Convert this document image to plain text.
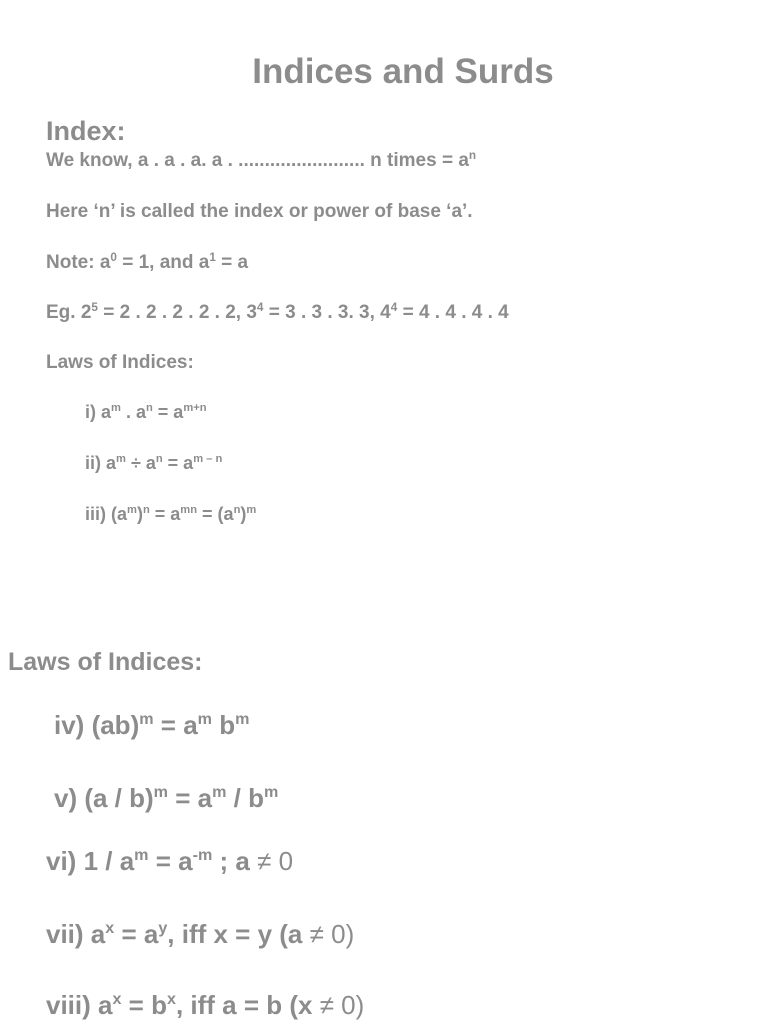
Indices and Surds
Index:

We know, a . a . a. a . ........................ n times = $a^n$

Here ‘n’ is called the index or power of base ‘a’.

Note: $a^0 = 1$, and $a^1 = a$

Eg. $2^5 = 2$ . 2 . 2 . 2 . 2, $3^4 = 3$ . 3 . 3. 3, $4^4 = 4$ . 4 . 4 . 4

Laws of Indices:

i) $a^m$ . $a^n = a^{m+n}$

ii) $a^m \div a^n = a^{m - n}$

iii) $(a^m)^n = a^{mn} = (a^n)^m$

Laws of Indices:

iv) $(ab)^m = a^m$ $b^m$

v) $(a / b)^m = a^m / b^m$

vi) $1 / a^m = a^{-m}$ ; a ≠ 0

vii) $a^x = a^y$, iff x = y (a ≠ 0)

viii) $a^x = b^x$, iff a = b (x ≠ 0)
